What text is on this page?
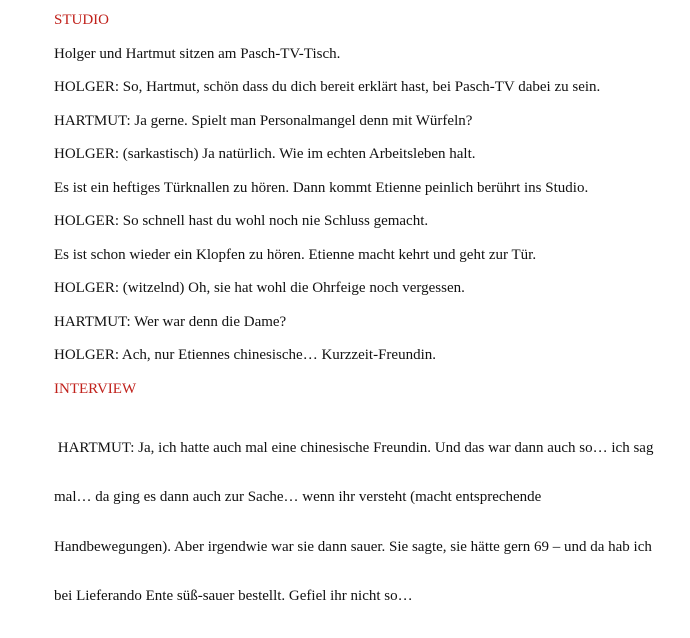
STUDIO

Holger und Hartmut sitzen am Pasch-TV-Tisch.

HOLGER: So, Hartmut, schön dass du dich bereit erklärt hast, bei Pasch-TV dabei zu sein.

HARTMUT: Ja gerne. Spielt man Personalmangel denn mit Würfeln?

HOLGER: (sarkastisch) Ja natürlich. Wie im echten Arbeitsleben halt.

Es ist ein heftiges Türknallen zu hören. Dann kommt Etienne peinlich berührt ins Studio.

HOLGER: So schnell hast du wohl noch nie Schluss gemacht.

Es ist schon wieder ein Klopfen zu hören. Etienne macht kehrt und geht zur Tür.

HOLGER: (witzelnd) Oh, sie hat wohl die Ohrfeige noch vergessen.

HARTMUT: Wer war denn die Dame?

HOLGER: Ach, nur Etiennes chinesische… Kurzzeit-Freundin.

INTERVIEW

HARTMUT: Ja, ich hatte auch mal eine chinesische Freundin. Und das war dann auch so… ich sag

mal… da ging es dann auch zur Sache… wenn ihr versteht (macht entsprechende

Handbewegungen). Aber irgendwie war sie dann sauer. Sie sagte, sie hätte gern 69 – und da hab ich

bei Lieferando Ente süß-sauer bestellt. Gefiel ihr nicht so…
